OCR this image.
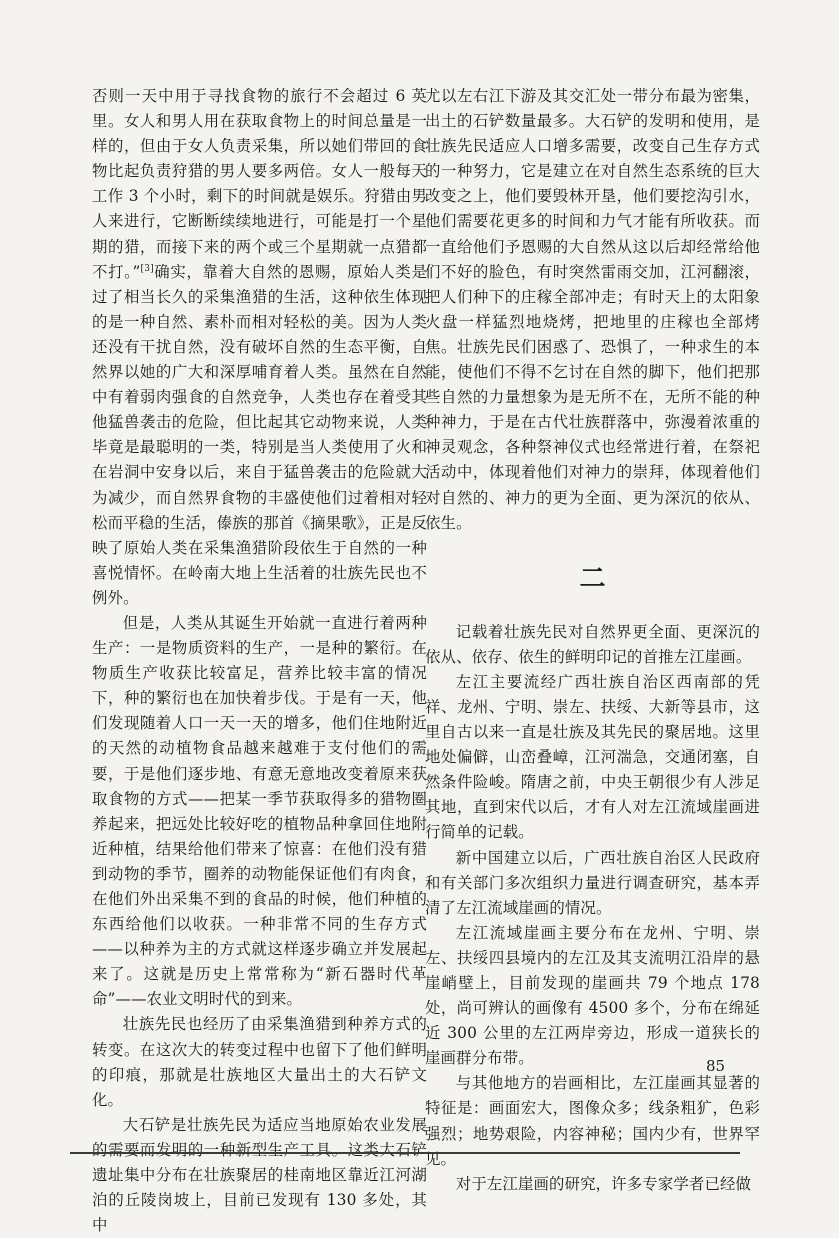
否则一天中用于寻找食物的旅行不会超过 6 英里。女人和男人用在获取食物上的时间总量是一样的，但由于女人负责采集，所以她们带回的食物比起负责狩猎的男人要多两倍。女人一般每天工作 3 个小时，剩下的时间就是娱乐。狩猎由男人来进行，它断断续续地进行，可能是打一个星期的猎，而接下来的两个或三个星期就一点猎都不打。”[3]确实，靠着大自然的恩赐，原始人类是过了相当长久的采集渔猎的生活，这种依生体现的是一种自然、素朴而相对轻松的美。因为人类还没有干扰自然，没有破坏自然的生态平衡，自然界以她的广大和深厚哺育着人类。虽然在自然中有着弱肉强食的自然竞争，人类也存在着受其他猛兽袭击的危险，但比起其它动物来说，人类毕竟是最聪明的一类，特别是当人类使用了火和在岩洞中安身以后，来自于猛兽袭击的危险就大为减少，而自然界食物的丰盛使他们过着相对轻松而平稳的生活，傣族的那首《摘果歌》，正是反映了原始人类在采集渔猎阶段依生于自然的一种喜悦情怀。在岭南大地上生活着的壮族先民也不例外。

但是，人类从其诞生开始就一直进行着两种生产：一是物质资料的生产，一是种的繁衍。在物质生产收获比较富足，营养比较丰富的情况下，种的繁衍也在加快着步伐。于是有一天，他们发现随着人口一天一天的增多，他们住地附近的天然的动植物食品越来越难于支付他们的需要，于是他们逐步地、有意无意地改变着原来获取食物的方式——把某一季节获取得多的猎物圈养起来，把远处比较好吃的植物品种拿回住地附近种植，结果给他们带来了惊喜：在他们没有猎到动物的季节，圈养的动物能保证他们有肉食，在他们外出采集不到的食品的时候，他们种植的东西给他们以收获。一种非常不同的生存方式——以种养为主的方式就这样逐步确立并发展起来了。这就是历史上常常称为“新石器时代革命”——农业文明时代的到来。

壮族先民也经历了由采集渔猎到种养方式的转变。在这次大的转变过程中也留下了他们鲜明的印痕，那就是壮族地区大量出土的大石铲文化。

大石铲是壮族先民为适应当地原始农业发展的需要而发明的一种新型生产工具。这类大石铲遗址集中分布在壮族聚居的桂南地区靠近江河湖泊的丘陵岗坡上，目前已发现有 130 多处，其中

尤以左右江下游及其交汇处一带分布最为密集，出土的石铲数量最多。大石铲的发明和使用，是壮族先民适应人口增多需要，改变自己生存方式的一种努力，它是建立在对自然生态系统的巨大改变之上，他们要毁林开垦，他们要挖沟引水，他们需要花更多的时间和力气才能有所收获。而一直给他们予恩赐的大自然从这以后却经常给他们不好的脸色，有时突然雷雨交加，江河翻滚，把人们种下的庄稼全部冲走；有时天上的太阳象火盘一样猛烈地烧烤，把地里的庄稼也全部烤焦。壮族先民们困惑了、恐惧了，一种求生的本能，使他们不得不乞讨在自然的脚下，他们把那些自然的力量想象为是无所不在，无所不能的种种神力，于是在古代壮族群落中，弥漫着浓重的神灵观念，各种祭神仪式也经常进行着，在祭祀活动中，体现着他们对神力的崇拜，体现着他们对自然的、神力的更为全面、更为深沉的依从、依生。

二

记载着壮族先民对自然界更全面、更深沉的依从、依存、依生的鲜明印记的首推左江崖画。

左江主要流经广西壮族自治区西南部的凭祥、龙州、宁明、崇左、扶绥、大新等县市，这里自古以来一直是壮族及其先民的聚居地。这里地处偏僻，山峦叠嶂，江河湍急，交通闭塞，自然条件险峻。隋唐之前，中央王朝很少有人涉足其地，直到宋代以后，才有人对左江流域崖画进行简单的记载。

新中国建立以后，广西壮族自治区人民政府和有关部门多次组织力量进行调查研究，基本弄清了左江流域崖画的情况。

左江流域崖画主要分布在龙州、宁明、崇左、扶绥四县境内的左江及其支流明江沿岸的悬崖峭壁上，目前发现的崖画共 79 个地点 178 处，尚可辨认的画像有 4500 多个，分布在绵延近 300 公里的左江两岸旁边，形成一道狭长的崖画群分布带。

与其他地方的岩画相比，左江崖画其显著的特征是：画面宏大，图像众多；线条粗犷，色彩强烈；地势艰险，内容神秘；国内少有，世界罕见。

对于左江崖画的研究，许多专家学者已经做

85
